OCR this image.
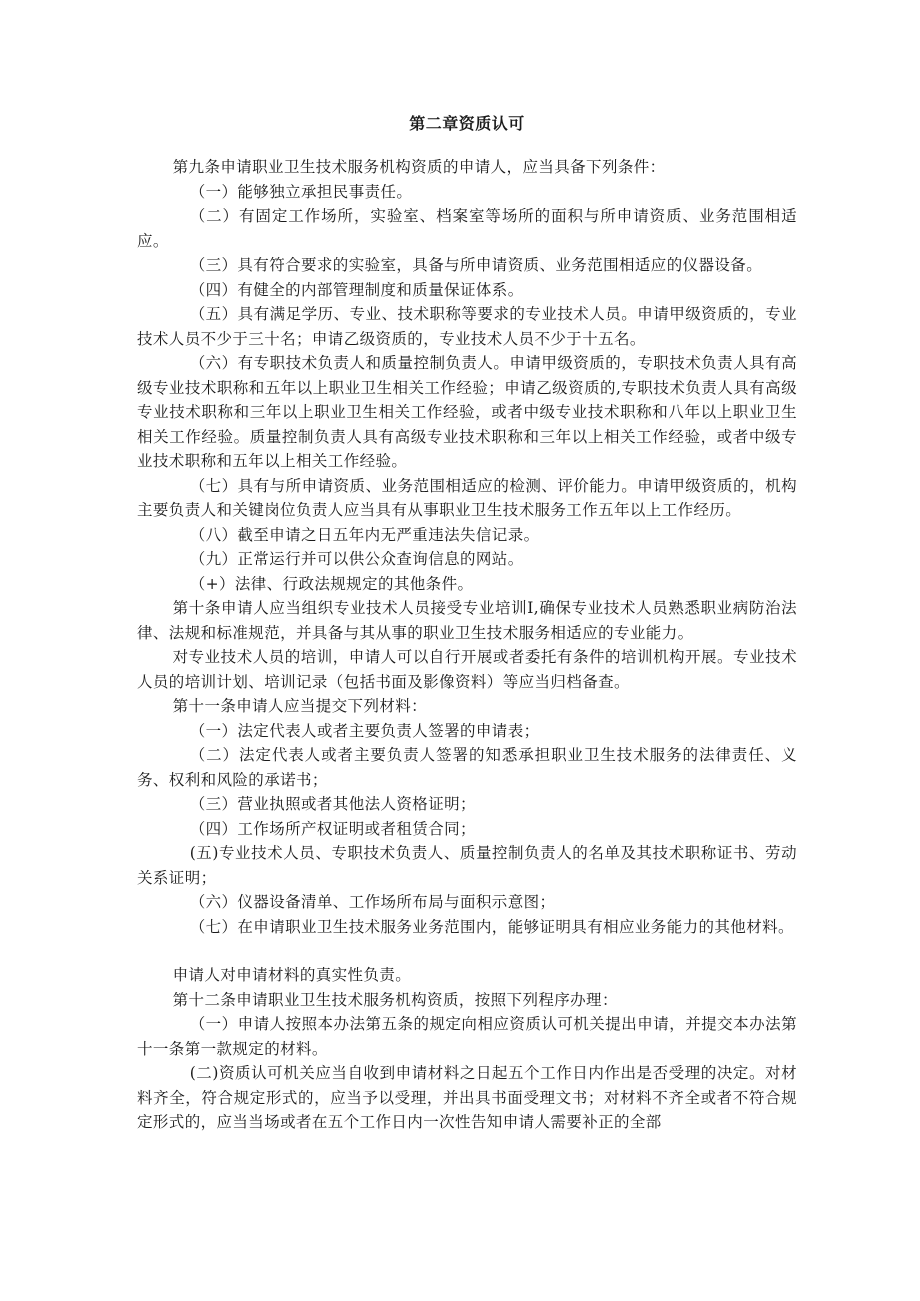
第二章资质认可

第九条申请职业卫生技术服务机构资质的申请人，应当具备下列条件：

（一）能够独立承担民事责任。

（二）有固定工作场所，实验室、档案室等场所的面积与所申请资质、业务范围相适应。

（三）具有符合要求的实验室，具备与所申请资质、业务范围相适应的仪器设备。

（四）有健全的内部管理制度和质量保证体系。

（五）具有满足学历、专业、技术职称等要求的专业技术人员。申请甲级资质的，专业技术人员不少于三十名；申请乙级资质的，专业技术人员不少于十五名。

（六）有专职技术负责人和质量控制负责人。申请甲级资质的，专职技术负责人具有高级专业技术职称和五年以上职业卫生相关工作经验；申请乙级资质的,专职技术负责人具有高级专业技术职称和三年以上职业卫生相关工作经验，或者中级专业技术职称和八年以上职业卫生相关工作经验。质量控制负责人具有高级专业技术职称和三年以上相关工作经验，或者中级专业技术职称和五年以上相关工作经验。

（七）具有与所申请资质、业务范围相适应的检测、评价能力。申请甲级资质的，机构主要负责人和关键岗位负责人应当具有从事职业卫生技术服务工作五年以上工作经历。

（八）截至申请之日五年内无严重违法失信记录。

（九）正常运行并可以供公众查询信息的网站。

（+）法律、行政法规规定的其他条件。

第十条申请人应当组织专业技术人员接受专业培训I,确保专业技术人员熟悉职业病防治法律、法规和标准规范，并具备与其从事的职业卫生技术服务相适应的专业能力。

对专业技术人员的培训，申请人可以自行开展或者委托有条件的培训机构开展。专业技术人员的培训计划、培训记录（包括书面及影像资料）等应当归档备查。

第十一条申请人应当提交下列材料：

（一）法定代表人或者主要负责人签署的申请表；

（二）法定代表人或者主要负责人签署的知悉承担职业卫生技术服务的法律责任、义务、权利和风险的承诺书；

（三）营业执照或者其他法人资格证明；

（四）工作场所产权证明或者租赁合同；

(五)专业技术人员、专职技术负责人、质量控制负责人的名单及其技术职称证书、劳动关系证明；

（六）仪器设备清单、工作场所布局与面积示意图；

（七）在申请职业卫生技术服务业务范围内，能够证明具有相应业务能力的其他材料。

申请人对申请材料的真实性负责。

第十二条申请职业卫生技术服务机构资质，按照下列程序办理：

（一）申请人按照本办法第五条的规定向相应资质认可机关提出申请，并提交本办法第十一条第一款规定的材料。

(二)资质认可机关应当自收到申请材料之日起五个工作日内作出是否受理的决定。对材料齐全，符合规定形式的，应当予以受理，并出具书面受理文书；对材料不齐全或者不符合规定形式的，应当当场或者在五个工作日内一次性告知申请人需要补正的全部
